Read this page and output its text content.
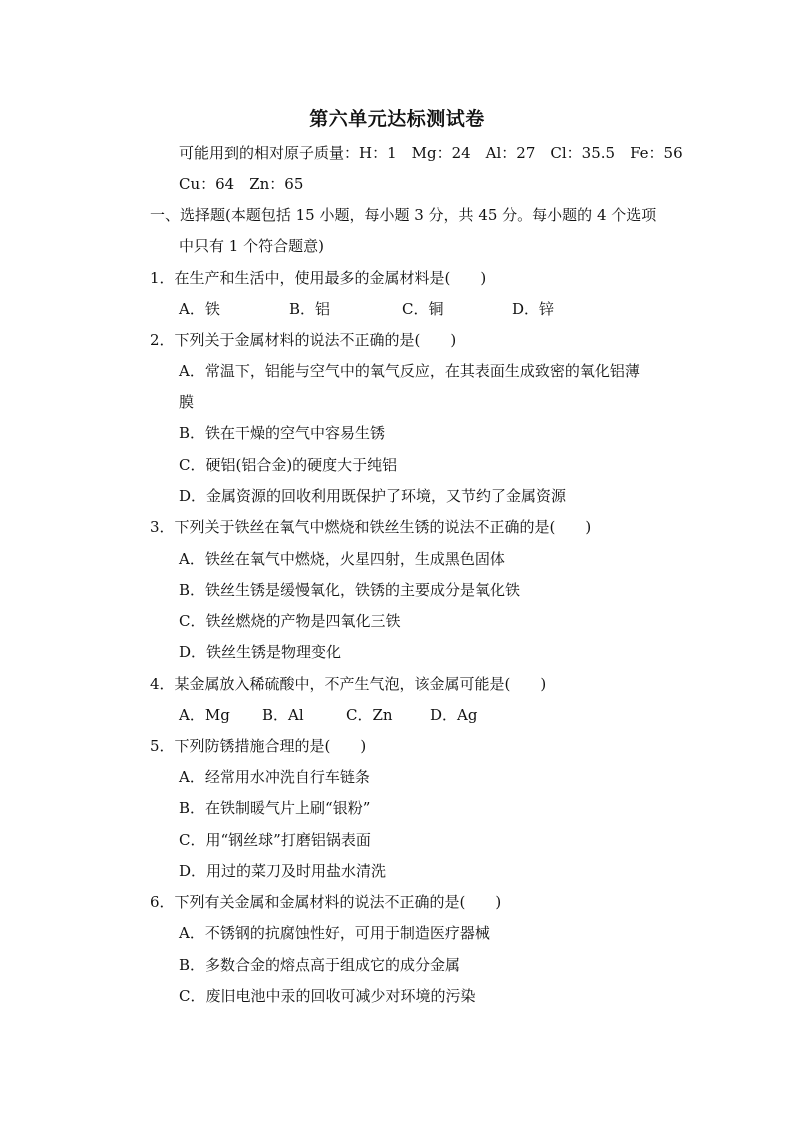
第六单元达标测试卷
可能用到的相对原子质量：H：1　Mg：24　Al：27　Cl：35.5　Fe：56
Cu：64　Zn：65
一、选择题(本题包括 15 小题，每小题 3 分，共 45 分。每小题的 4 个选项
中只有 1 个符合题意)
1．在生产和生活中，使用最多的金属材料是(　　)
A．铁	B．铝	C．铜	D．锌
2．下列关于金属材料的说法不正确的是(　　)
A．常温下，铝能与空气中的氧气反应，在其表面生成致密的氧化铝薄
膜
B．铁在干燥的空气中容易生锈
C．硬铝(铝合金)的硬度大于纯铝
D．金属资源的回收利用既保护了环境，又节约了金属资源
3．下列关于铁丝在氧气中燃烧和铁丝生锈的说法不正确的是(　　)
A．铁丝在氧气中燃烧，火星四射，生成黑色固体
B．铁丝生锈是缓慢氧化，铁锈的主要成分是氧化铁
C．铁丝燃烧的产物是四氧化三铁
D．铁丝生锈是物理变化
4．某金属放入稀硫酸中，不产生气泡，该金属可能是(　　)
A．Mg B．Al	C．Zn D．Ag
5．下列防锈措施合理的是(　　)
A．经常用水冲洗自行车链条
B．在铁制暖气片上刷“银粉”
C．用“钢丝球”打磨铝锅表面
D．用过的菜刀及时用盐水清洗
6．下列有关金属和金属材料的说法不正确的是(　　)
A．不锈钢的抗腐蚀性好，可用于制造医疗器械
B．多数合金的熔点高于组成它的成分金属
C．废旧电池中汞的回收可减少对环境的污染
